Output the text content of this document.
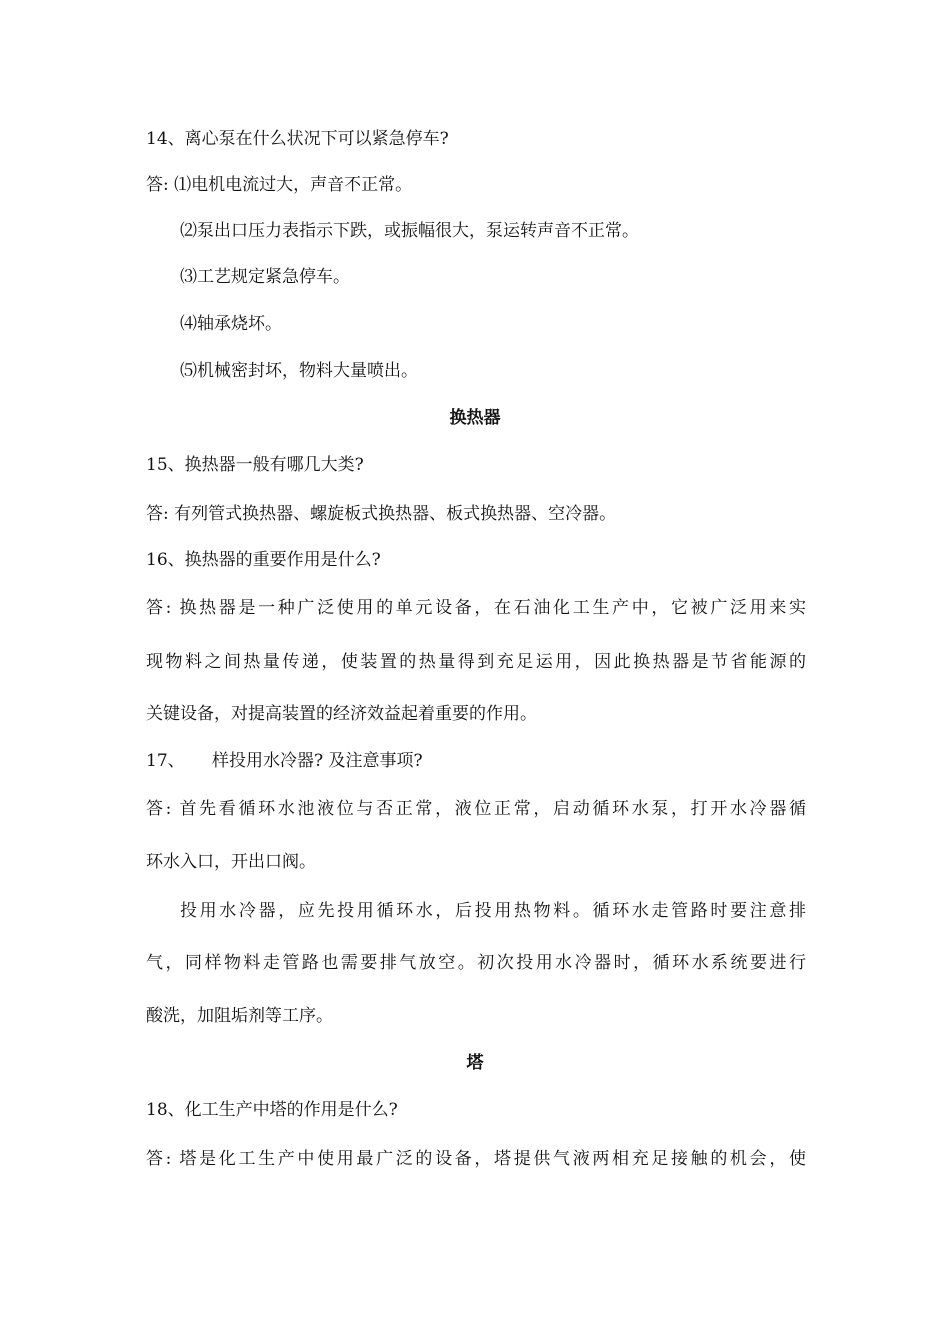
14、离心泵在什么状况下可以紧急停车?
答: ⑴电机电流过大，声音不正常。
⑵泵出口压力表指示下跌，或振幅很大，泵运转声音不正常。
⑶工艺规定紧急停车。
⑷轴承烧坏。
⑸机械密封坏，物料大量喷出。
换热器
15、换热器一般有哪几大类?
答: 有列管式换热器、螺旋板式换热器、板式换热器、空冷器。
16、换热器的重要作用是什么?
答: 换热器是一种广泛使用的单元设备，在石油化工生产中，它被广泛用来实
现物料之间热量传递，使装置的热量得到充足运用，因此换热器是节省能源的
关键设备，对提高装置的经济效益起着重要的作用。
17、 样投用水冷器? 及注意事项?
答: 首先看循环水池液位与否正常，液位正常，启动循环水泵，打开水冷器循
环水入口，开出口阀。
投用水冷器，应先投用循环水，后投用热物料。循环水走管路时要注意排
气，同样物料走管路也需要排气放空。初次投用水冷器时，循环水系统要进行
酸洗，加阻垢剂等工序。
塔
18、化工生产中塔的作用是什么?
答: 塔是化工生产中使用最广泛的设备，塔提供气液两相充足接触的机会，使
